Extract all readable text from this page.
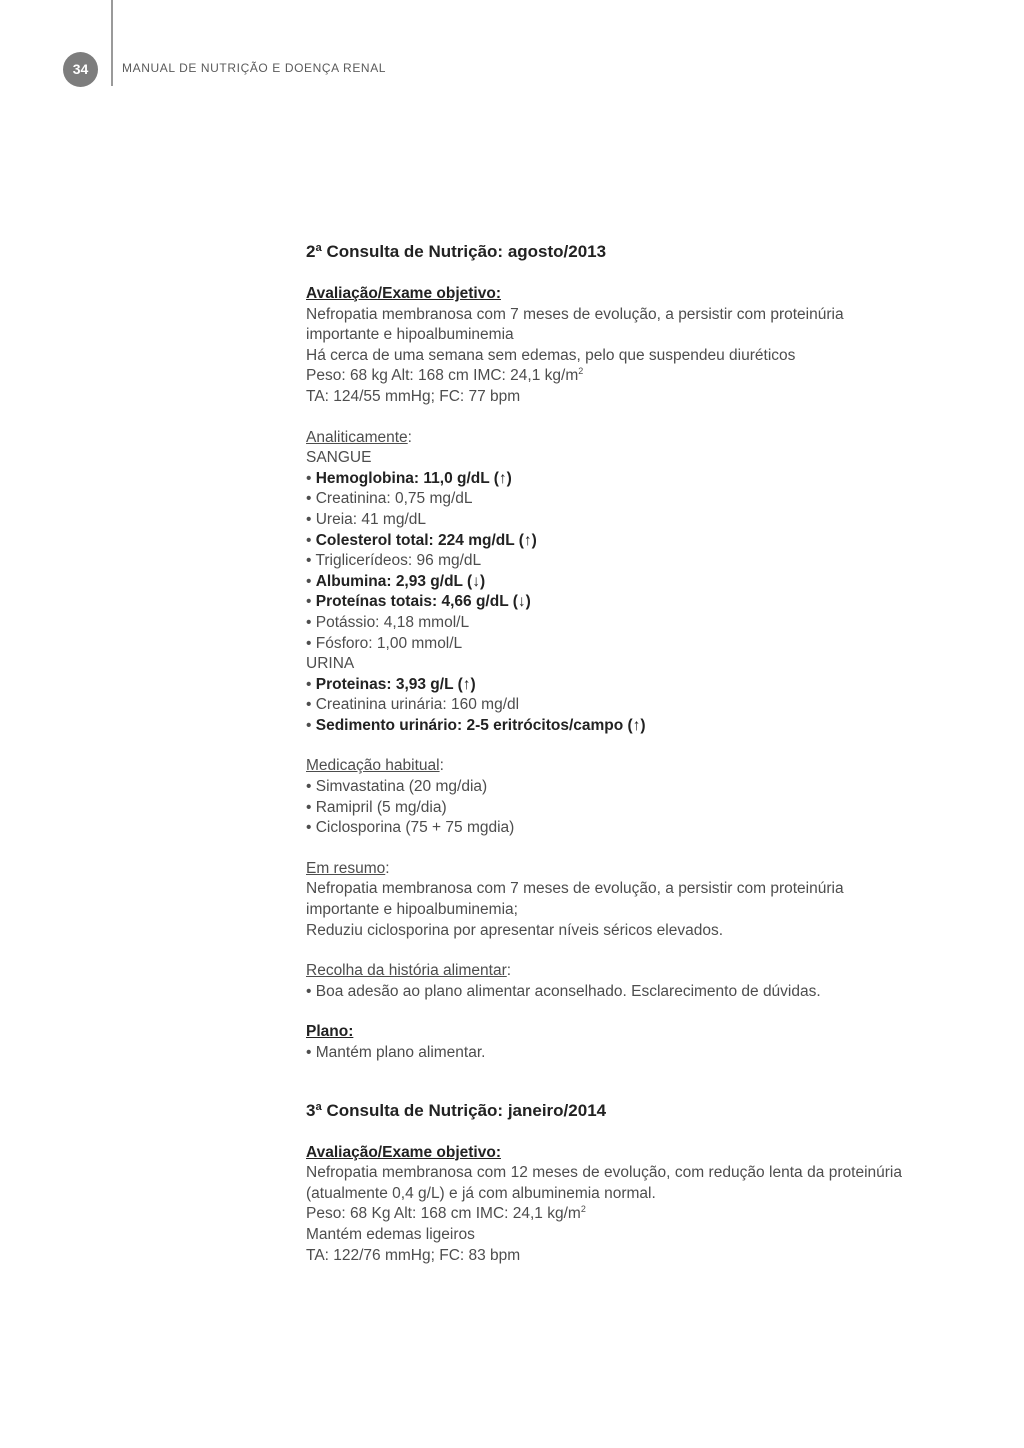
34	MANUAL DE NUTRIÇÃO E DOENÇA RENAL
2ª Consulta de Nutrição: agosto/2013

Avaliação/Exame objetivo:

Nefropatia membranosa com 7 meses de evolução, a persistir com proteinúria importante e hipoalbuminemia

Há cerca de uma semana sem edemas, pelo que suspendeu diuréticos

Peso: 68 kg Alt: 168 cm IMC: 24,1 $kg/m^2$

TA: 124/55 mmHg; FC: 77 bpm

Analiticamente:

SANGUE

• Hemoglobina: 11,0 g/dL (↑)
• Creatinina: 0,75 mg/dL
• Ureia: 41 mg/dL
• Colesterol total: 224 mg/dL (↑)
• Triglicerídeos: 96 mg/dL
• Albumina: 2,93 g/dL (↓)
• Proteínas totais: 4,66 g/dL (↓)
• Potássio: 4,18 mmol/L
• Fósforo: 1,00 mmol/L

URINA

• Proteinas: 3,93 g/L (↑)
• Creatinina urinária: 160 mg/dl
• Sedimento urinário: 2-5 eritrócitos/campo (↑)

Medicação habitual:

• Simvastatina (20 mg/dia)
• Ramipril (5 mg/dia)
• Ciclosporina (75 + 75 mgdia)

Em resumo:

Nefropatia membranosa com 7 meses de evolução, a persistir com proteinúria importante e hipoalbuminemia;

Reduziu ciclosporina por apresentar níveis séricos elevados.

Recolha da história alimentar:

• Boa adesão ao plano alimentar aconselhado. Esclarecimento de dúvidas.

Plano:

• Mantém plano alimentar.
3ª Consulta de Nutrição: janeiro/2014

Avaliação/Exame objetivo:

Nefropatia membranosa com 12 meses de evolução, com redução lenta da proteinúria (atualmente 0,4 g/L) e já com albuminemia normal.

Peso: 68 Kg Alt: 168 cm IMC: 24,1 $kg/m^2$

Mantém edemas ligeiros

TA: 122/76 mmHg; FC: 83 bpm
